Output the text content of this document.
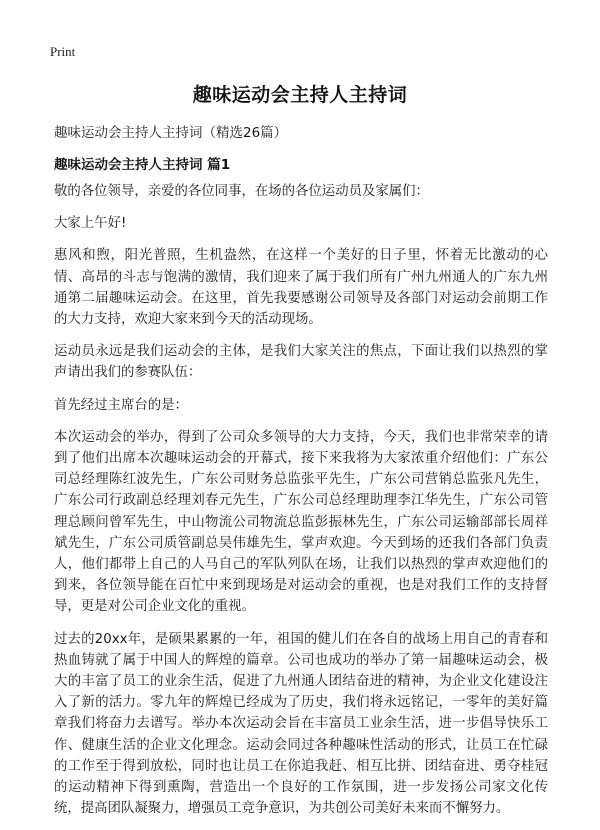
Print
趣味运动会主持人主持词
趣味运动会主持人主持词（精选26篇）
趣味运动会主持人主持词 篇1

敬的各位领导，亲爱的各位同事，在场的各位运动员及家属们：

大家上午好!

惠风和煦，阳光普照，生机盎然，在这样一个美好的日子里，怀着无比激动的心情、高昂的斗志与饱满的激情，我们迎来了属于我们所有广州九州通人的广东九州通第二届趣味运动会。在这里，首先我要感谢公司领导及各部门对运动会前期工作的大力支持，欢迎大家来到今天的活动现场。

运动员永远是我们运动会的主体，是我们大家关注的焦点，下面让我们以热烈的掌声请出我们的参赛队伍：

首先经过主席台的是：

本次运动会的举办，得到了公司众多领导的大力支持，今天，我们也非常荣幸的请到了他们出席本次趣味运动会的开幕式，接下来我将为大家浓重介绍他们：广东公司总经理陈红波先生，广东公司财务总监张平先生，广东公司营销总监张凡先生，广东公司行政副总经理刘春元先生，广东公司总经理助理李江华先生，广东公司管理总顾问曾军先生，中山物流公司物流总监彭振林先生，广东公司运输部部长周祥斌先生，广东公司质管副总吴伟雄先生，掌声欢迎。今天到场的还我们各部门负责人，他们都带上自己的人马自己的军队列队在场，让我们以热烈的掌声欢迎他们的到来，各位领导能在百忙中来到现场是对运动会的重视，也是对我们工作的支持督导，更是对公司企业文化的重视。

过去的20xx年，是硕果累累的一年，祖国的健儿们在各自的战场上用自己的青春和热血铸就了属于中国人的辉煌的篇章。公司也成功的举办了第一届趣味运动会，极大的丰富了员工的业余生活，促进了九州通人团结奋进的精神，为企业文化建设注入了新的活力。零九年的辉煌已经成为了历史，我们将永远铭记，一零年的美好篇章我们将奋力去谱写。举办本次运动会旨在丰富员工业余生活，进一步倡导快乐工作、健康生活的企业文化理念。运动会同过各种趣味性活动的形式，让员工在忙碌的工作至于得到放松，同时也让员工在你追我赶、相互比拼、团结奋进、勇夺桂冠的运动精神下得到熏陶，营造出一个良好的工作氛围，进一步发扬公司家文化传统，提高团队凝聚力，增强员工竞争意识，为共创公司美好未来而不懈努力。
